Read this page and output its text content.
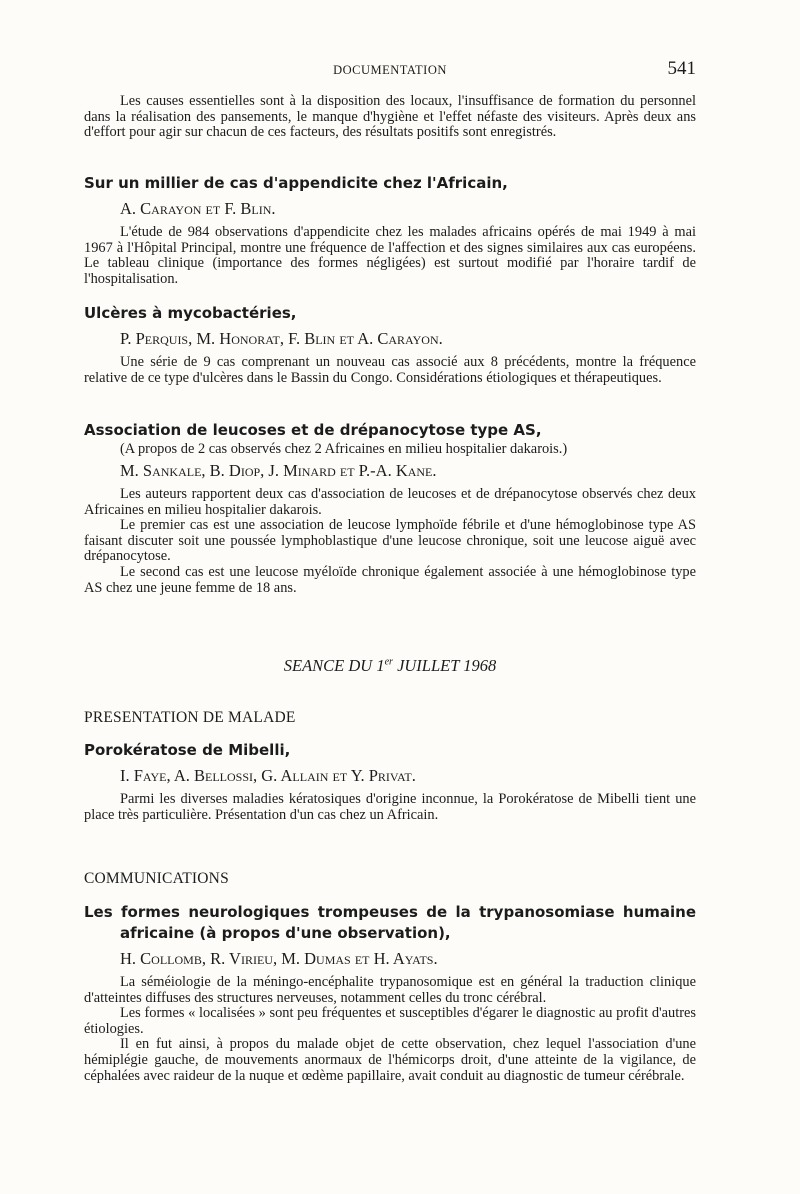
DOCUMENTATION	541

Les causes essentielles sont à la disposition des locaux, l'insuffisance de formation du personnel dans la réalisation des pansements, le manque d'hygiène et l'effet néfaste des visiteurs. Après deux ans d'effort pour agir sur chacun de ces facteurs, des résultats positifs sont enregistrés.

Sur un millier de cas d'appendicite chez l'Africain,
A. Carayon et F. Blin.

L'étude de 984 observations d'appendicite chez les malades africains opérés de mai 1949 à mai 1967 à l'Hôpital Principal, montre une fréquence de l'affection et des signes similaires aux cas européens. Le tableau clinique (importance des formes négligées) est surtout modifié par l'horaire tardif de l'hospitalisation.

Ulcères à mycobactéries,
P. Perquis, M. Honorat, F. Blin et A. Carayon.

Une série de 9 cas comprenant un nouveau cas associé aux 8 précédents, montre la fréquence relative de ce type d'ulcères dans le Bassin du Congo. Considérations étiologiques et thérapeutiques.

Association de leucoses et de drépanocytose type AS,
(A propos de 2 cas observés chez 2 Africaines en milieu hospitalier dakarois.)
M. Sankale, B. Diop, J. Minard et P.-A. Kane.

Les auteurs rapportent deux cas d'association de leucoses et de drépanocytose observés chez deux Africaines en milieu hospitalier dakarois.

Le premier cas est une association de leucose lymphoïde fébrile et d'une hémoglobinose type AS faisant discuter soit une poussée lymphoblastique d'une leucose chronique, soit une leucose aiguë avec drépanocytose.

Le second cas est une leucose myéloïde chronique également associée à une hémoglobinose type AS chez une jeune femme de 18 ans.

SEANCE DU 1er JUILLET 1968
PRESENTATION DE MALADE
Porokératose de Mibelli,
I. Faye, A. Bellossi, G. Allain et Y. Privat.

Parmi les diverses maladies kératosiques d'origine inconnue, la Porokératose de Mibelli tient une place très particulière. Présentation d'un cas chez un Africain.

COMMUNICATIONS
Les formes neurologiques trompeuses de la trypanosomiase humaine
africaine (à propos d'une observation),
H. Collomb, R. Virieu, M. Dumas et H. Ayats.

La séméiologie de la méningo-encéphalite trypanosomique est en général la traduction clinique d'atteintes diffuses des structures nerveuses, notamment celles du tronc cérébral.

Les formes « localisées » sont peu fréquentes et susceptibles d'égarer le diagnostic au profit d'autres étiologies.

Il en fut ainsi, à propos du malade objet de cette observation, chez lequel l'association d'une hémiplégie gauche, de mouvements anormaux de l'hémicorps droit, d'une atteinte de la vigilance, de céphalées avec raideur de la nuque et œdème papillaire, avait conduit au diagnostic de tumeur cérébrale.
